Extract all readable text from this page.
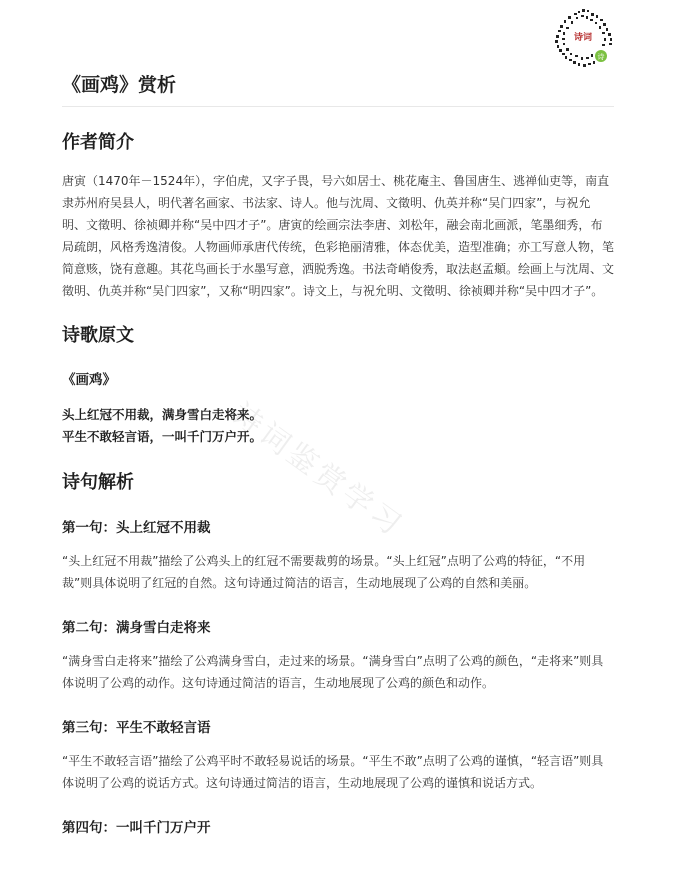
诗
诗词
诗词鉴赏学习
《画鸡》赏析
作者简介

唐寅（1470年－1524年），字伯虎，又字子畏，号六如居士、桃花庵主、鲁国唐生、逃禅仙吏等，南直隶苏州府吴县人，明代著名画家、书法家、诗人。他与沈周、文徵明、仇英并称“吴门四家”，与祝允明、文徵明、徐祯卿并称“吴中四才子”。唐寅的绘画宗法李唐、刘松年，融会南北画派，笔墨细秀，布局疏朗，风格秀逸清俊。人物画师承唐代传统，色彩艳丽清雅，体态优美，造型准确；亦工写意人物，笔简意赅，饶有意趣。其花鸟画长于水墨写意，洒脱秀逸。书法奇峭俊秀，取法赵孟頫。绘画上与沈周、文徵明、仇英并称“吴门四家”，又称“明四家”。诗文上，与祝允明、文徵明、徐祯卿并称“吴中四才子”。

诗歌原文
《画鸡》

头上红冠不用裁，满身雪白走将来。

平生不敢轻言语，一叫千门万户开。

诗句解析
第一句：头上红冠不用裁

“头上红冠不用裁”描绘了公鸡头上的红冠不需要裁剪的场景。“头上红冠”点明了公鸡的特征，“不用裁”则具体说明了红冠的自然。这句诗通过简洁的语言，生动地展现了公鸡的自然和美丽。

第二句：满身雪白走将来

“满身雪白走将来”描绘了公鸡满身雪白，走过来的场景。“满身雪白”点明了公鸡的颜色，“走将来”则具体说明了公鸡的动作。这句诗通过简洁的语言，生动地展现了公鸡的颜色和动作。

第三句：平生不敢轻言语

“平生不敢轻言语”描绘了公鸡平时不敢轻易说话的场景。“平生不敢”点明了公鸡的谨慎，“轻言语”则具体说明了公鸡的说话方式。这句诗通过简洁的语言，生动地展现了公鸡的谨慎和说话方式。

第四句：一叫千门万户开
